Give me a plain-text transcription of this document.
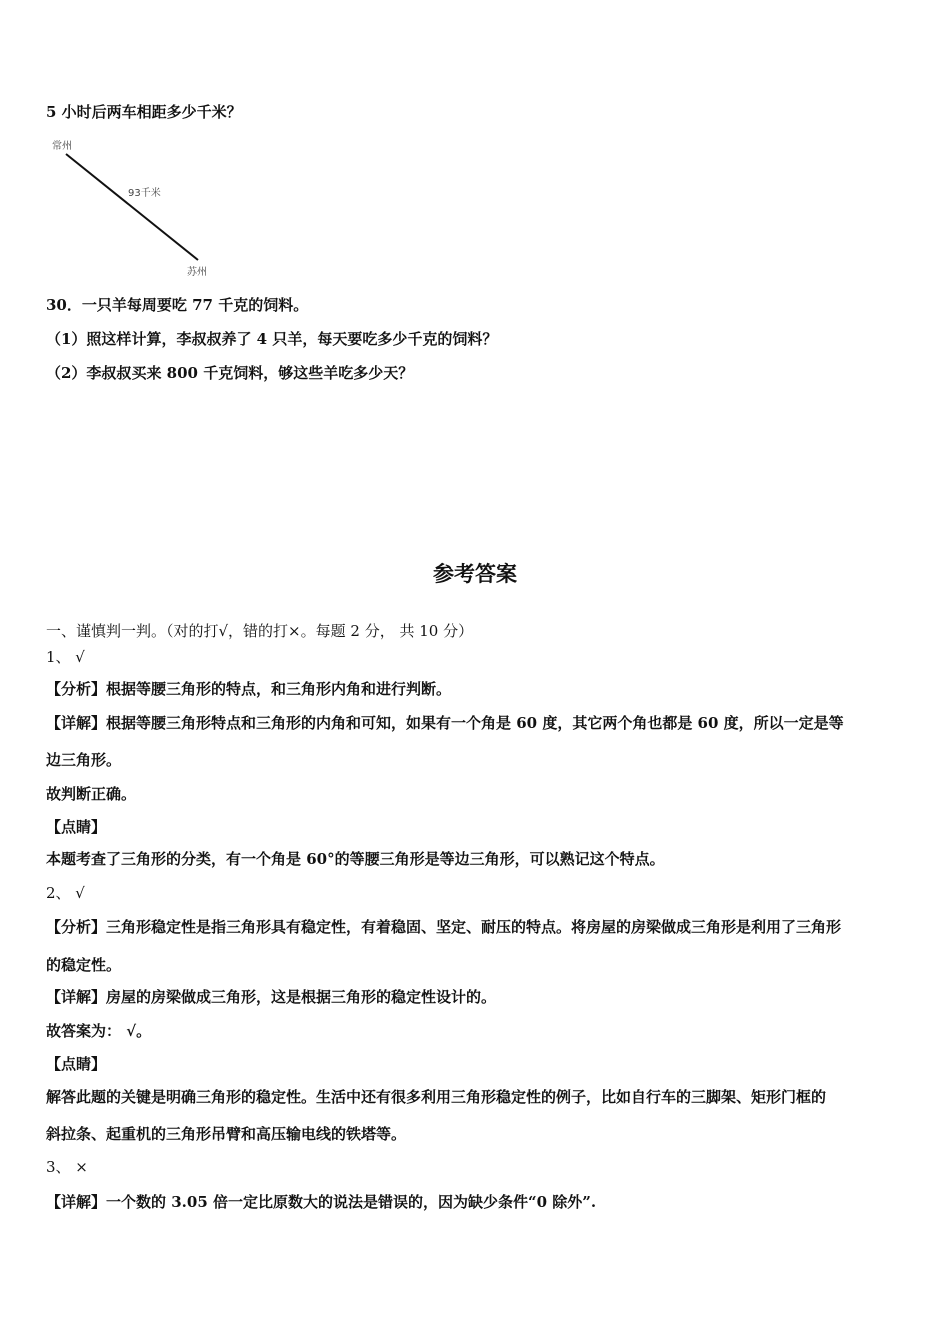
5 小时后两车相距多少千米？
常州
93千米
苏州
30．一只羊每周要吃 77 千克的饲料。
（1）照这样计算，李叔叔养了 4 只羊，每天要吃多少千克的饲料？
（2）李叔叔买来 800 千克饲料，够这些羊吃多少天？
参考答案
一、谨慎判一判。（对的打√，错的打×。每题 2 分， 共 10 分）
1、 √
【分析】根据等腰三角形的特点，和三角形内角和进行判断。
【详解】根据等腰三角形特点和三角形的内角和可知，如果有一个角是 60 度，其它两个角也都是 60 度，所以一定是等
边三角形。
故判断正确。
【点睛】
本题考查了三角形的分类，有一个角是 60°的等腰三角形是等边三角形，可以熟记这个特点。
2、 √
【分析】三角形稳定性是指三角形具有稳定性，有着稳固、坚定、耐压的特点。将房屋的房梁做成三角形是利用了三角形
的稳定性。
【详解】房屋的房梁做成三角形，这是根据三角形的稳定性设计的。
故答案为： √。
【点睛】
解答此题的关键是明确三角形的稳定性。生活中还有很多利用三角形稳定性的例子，比如自行车的三脚架、矩形门框的
斜拉条、起重机的三角形吊臂和高压输电线的铁塔等。
3、 ×
【详解】一个数的 3.05 倍一定比原数大的说法是错误的，因为缺少条件“0 除外”.
